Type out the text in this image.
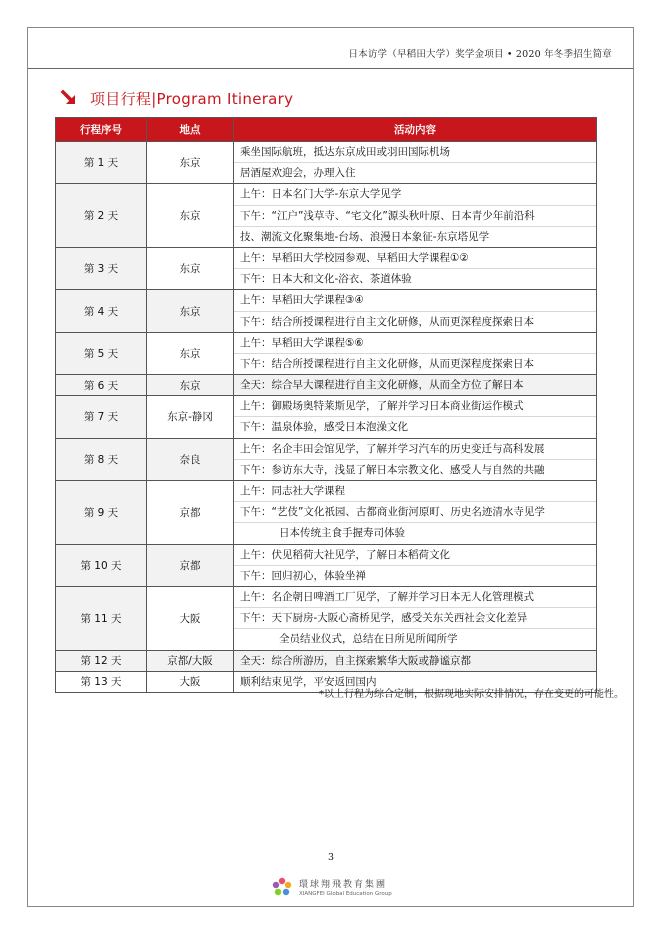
日本访学（早稻田大学）奖学金项目 • 2020 年冬季招生简章
项目行程|Program Itinerary
行程序号	地点	活动内容
第 1 天	东京	乘坐国际航班，抵达东京成田或羽田国际机场
居酒屋欢迎会，办理入住

第 2 天	东京	上午：日本名门大学-东京大学见学
下午：“江户”浅草寺、“宅文化”源头秋叶原、日本青少年前沿科
技、潮流文化聚集地-台场、浪漫日本象征-东京塔见学

第 3 天	东京	上午：早稻田大学校园参观、早稻田大学课程①②
下午：日本大和文化-浴衣、茶道体验

第 4 天	东京	上午：早稻田大学课程③④
下午：结合所授课程进行自主文化研修，从而更深程度探索日本

第 5 天	东京	上午：早稻田大学课程⑤⑥
下午：结合所授课程进行自主文化研修，从而更深程度探索日本

第 6 天	东京	全天：综合早大课程进行自主文化研修，从而全方位了解日本

第 7 天	东京-静冈	上午：御殿场奥特莱斯见学，了解并学习日本商业街运作模式
下午：温泉体验，感受日本泡澡文化

第 8 天	奈良	上午：名企丰田会馆见学，了解并学习汽车的历史变迁与高科发展
下午：参访东大寺，浅显了解日本宗教文化、感受人与自然的共融

第 9 天	京都	上午：同志社大学课程
下午：“艺伎”文化祇园、古都商业街河原町、历史名迹清水寺见学
日本传统主食手握寿司体验

第 10 天	京都	上午：伏见稻荷大社见学，了解日本稻荷文化
下午：回归初心，体验坐禅

第 11 天	大阪	上午：名企朝日啤酒工厂见学，了解并学习日本无人化管理模式
下午：天下厨房-大阪心斋桥见学，感受关东关西社会文化差异
全员结业仪式，总结在日所见所闻所学

第 12 天	京都/大阪	全天：综合所游历，自主探索繁华大阪或静谧京都

第 13 天	大阪	顺利结束见学，平安返回国内
*以上行程为综合定制，根据现地实际安排情况，存在变更的可能性。
3
環球翔飛教育集團
XIANGFEI Global Education Group
